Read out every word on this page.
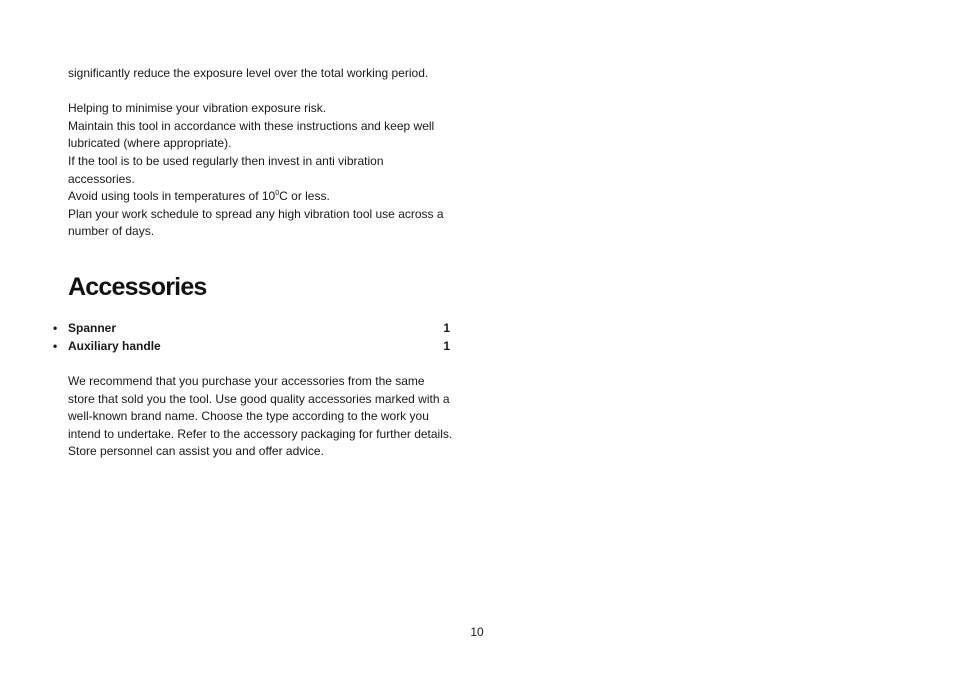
significantly reduce the exposure level over the total working period.

Helping to minimise your vibration exposure risk.

Maintain this tool in accordance with these instructions and keep well lubricated (where appropriate).

If the tool is to be used regularly then invest in anti vibration accessories.

Avoid using tools in temperatures of $10^0C$ or less.

Plan your work schedule to spread any high vibration tool use across a number of days.

Accessories
• Spanner	1
• Auxiliary handle	1

We recommend that you purchase your accessories from the same store that sold you the tool. Use good quality accessories marked with a well-known brand name. Choose the type according to the work you intend to undertake. Refer to the accessory packaging for further details. Store personnel can assist you and offer advice.

10
